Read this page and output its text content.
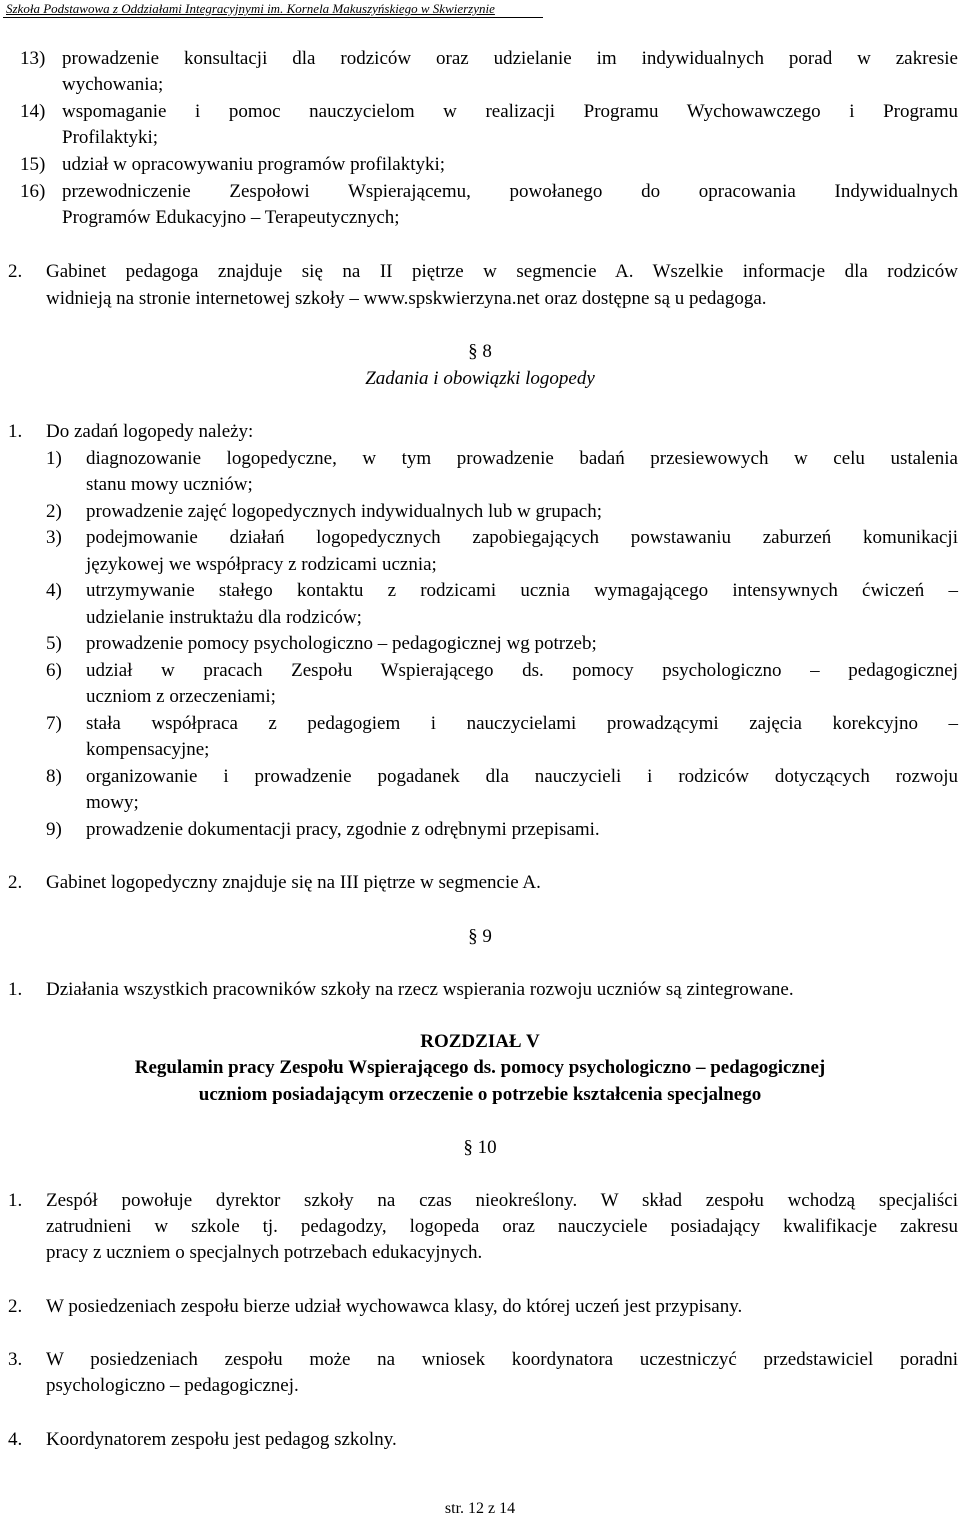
Szkoła Podstawowa z Oddziałami Integracyjnymi im. Kornela Makuszyńskiego w Skwierzynie
13) prowadzenie konsultacji dla rodziców oraz udzielanie im indywidualnych porad w zakresie
wychowania;
14) wspomaganie i pomoc nauczycielom w realizacji Programu Wychowawczego i Programu
Profilaktyki;
15) udział w opracowywaniu programów profilaktyki;
16) przewodniczenie Zespołowi Wspierającemu, powołanego do opracowania Indywidualnych
Programów Edukacyjno – Terapeutycznych;
2. Gabinet pedagoga znajduje się na II piętrze w segmencie A. Wszelkie informacje dla rodziców
widnieją na stronie internetowej szkoły – www.spskwierzyna.net oraz dostępne są u pedagoga.
§ 8
Zadania i obowiązki logopedy
1. Do zadań logopedy należy:
1) diagnozowanie logopedyczne, w tym prowadzenie badań przesiewowych w celu ustalenia
stanu mowy uczniów;
2) prowadzenie zajęć logopedycznych indywidualnych lub w grupach;
3) podejmowanie działań logopedycznych zapobiegających powstawaniu zaburzeń komunikacji
językowej we współpracy z rodzicami ucznia;
4) utrzymywanie stałego kontaktu z rodzicami ucznia wymagającego intensywnych ćwiczeń –
udzielanie instruktażu dla rodziców;
5) prowadzenie pomocy psychologiczno – pedagogicznej wg potrzeb;
6) udział w pracach Zespołu Wspierającego ds. pomocy psychologiczno – pedagogicznej
uczniom z orzeczeniami;
7) stała współpraca z pedagogiem i nauczycielami prowadzącymi zajęcia korekcyjno –
kompensacyjne;
8) organizowanie i prowadzenie pogadanek dla nauczycieli i rodziców dotyczących rozwoju
mowy;
9) prowadzenie dokumentacji pracy, zgodnie z odrębnymi przepisami.
2. Gabinet logopedyczny znajduje się na III piętrze w segmencie A.
§ 9
1. Działania wszystkich pracowników szkoły na rzecz wspierania rozwoju uczniów są zintegrowane.
ROZDZIAŁ V
Regulamin pracy Zespołu Wspierającego ds. pomocy psychologiczno – pedagogicznej
uczniom posiadającym orzeczenie o potrzebie kształcenia specjalnego
§ 10
1. Zespół powołuje dyrektor szkoły na czas nieokreślony. W skład zespołu wchodzą specjaliści
zatrudnieni w szkole tj. pedagodzy, logopeda oraz nauczyciele posiadający kwalifikacje zakresu
pracy z uczniem o specjalnych potrzebach edukacyjnych.
2. W posiedzeniach zespołu bierze udział wychowawca klasy, do której uczeń jest przypisany.
3. W posiedzeniach zespołu może na wniosek koordynatora uczestniczyć przedstawiciel poradni
psychologiczno – pedagogicznej.
4. Koordynatorem zespołu jest pedagog szkolny.
str. 12 z 14
